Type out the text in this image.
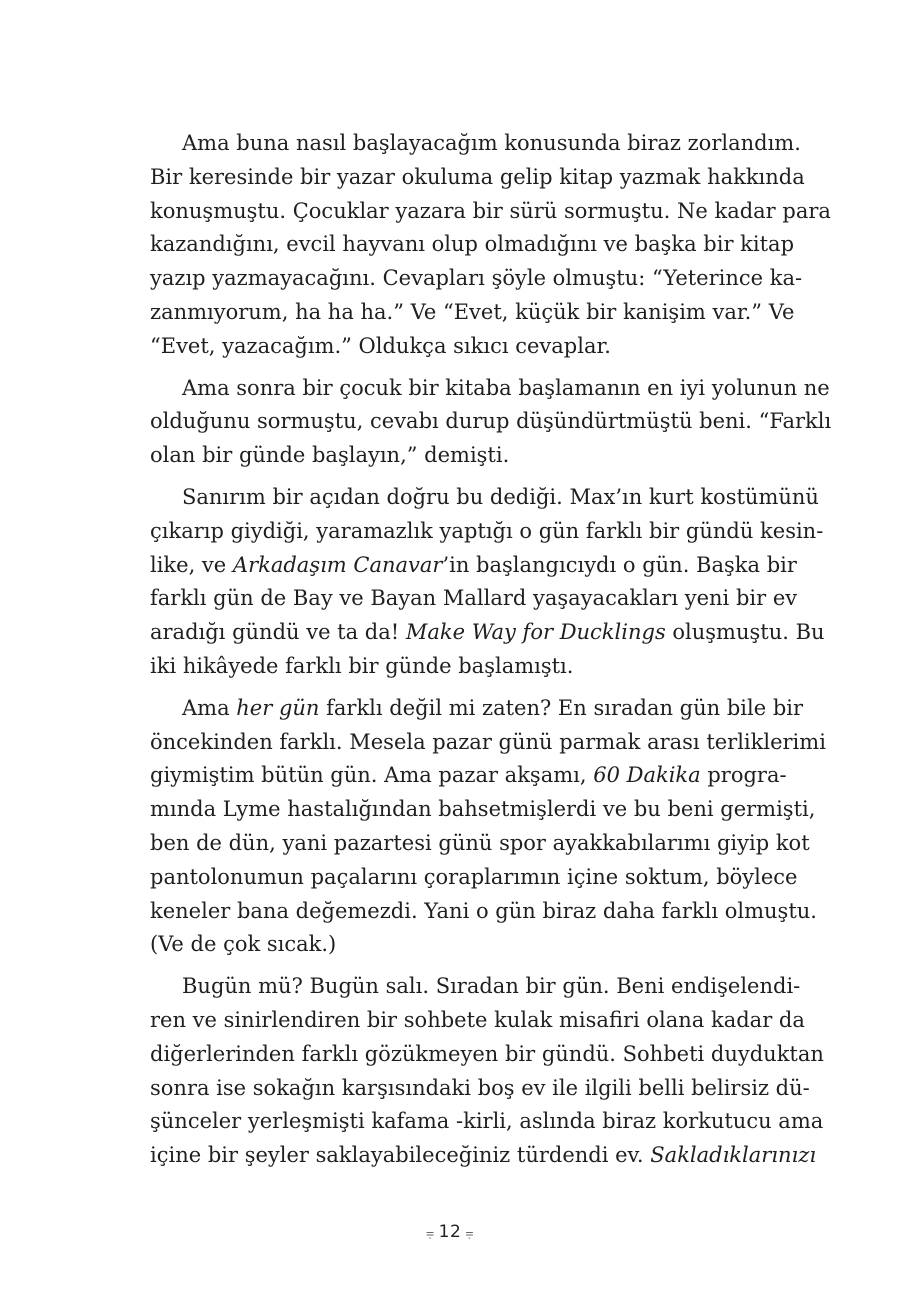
Ama buna nasıl başlayacağım konusunda biraz zorlandım.
Bir keresinde bir yazar okuluma gelip kitap yazmak hakkında
konuşmuştu. Çocuklar yazara bir sürü sormuştu. Ne kadar para
kazandığını, evcil hayvanı olup olmadığını ve başka bir kitap
yazıp yazmayacağını. Cevapları şöyle olmuştu: “Yeterince ka-
zanmıyorum, ha ha ha.” Ve “Evet, küçük bir kanişim var.” Ve
“Evet, yazacağım.” Oldukça sıkıcı cevaplar.

Ama sonra bir çocuk bir kitaba başlamanın en iyi yolunun ne
olduğunu sormuştu, cevabı durup düşündürtmüştü beni. “Farklı
olan bir günde başlayın,” demişti.

Sanırım bir açıdan doğru bu dediği. Max’ın kurt kostümünü
çıkarıp giydiği, yaramazlık yaptığı o gün farklı bir gündü kesin-
like, ve Arkadaşım Canavar’in başlangıcıydı o gün. Başka bir
farklı gün de Bay ve Bayan Mallard yaşayacakları yeni bir ev
aradığı gündü ve ta da! Make Way for Ducklings oluşmuştu. Bu
iki hikâyede farklı bir günde başlamıştı.

Ama her gün farklı değil mi zaten? En sıradan gün bile bir
öncekinden farklı. Mesela pazar günü parmak arası terliklerimi
giymiştim bütün gün. Ama pazar akşamı, 60 Dakika progra-
mında Lyme hastalığından bahsetmişlerdi ve bu beni germişti,
ben de dün, yani pazartesi günü spor ayakkabılarımı giyip kot
pantolonumun paçalarını çoraplarımın içine soktum, böylece
keneler bana değemezdi. Yani o gün biraz daha farklı olmuştu.
(Ve de çok sıcak.)

Bugün mü? Bugün salı. Sıradan bir gün. Beni endişelendi-
ren ve sinirlendiren bir sohbete kulak misafiri olana kadar da
diğerlerinden farklı gözükmeyen bir gündü. Sohbeti duyduktan
sonra ise sokağın karşısındaki boş ev ile ilgili belli belirsiz dü-
şünceler yerleşmişti kafama -kirli, aslında biraz korkutucu ama
içine bir şeyler saklayabileceğiniz türdendi ev. Sakladıklarınızı

⩦ 12 ⩦
